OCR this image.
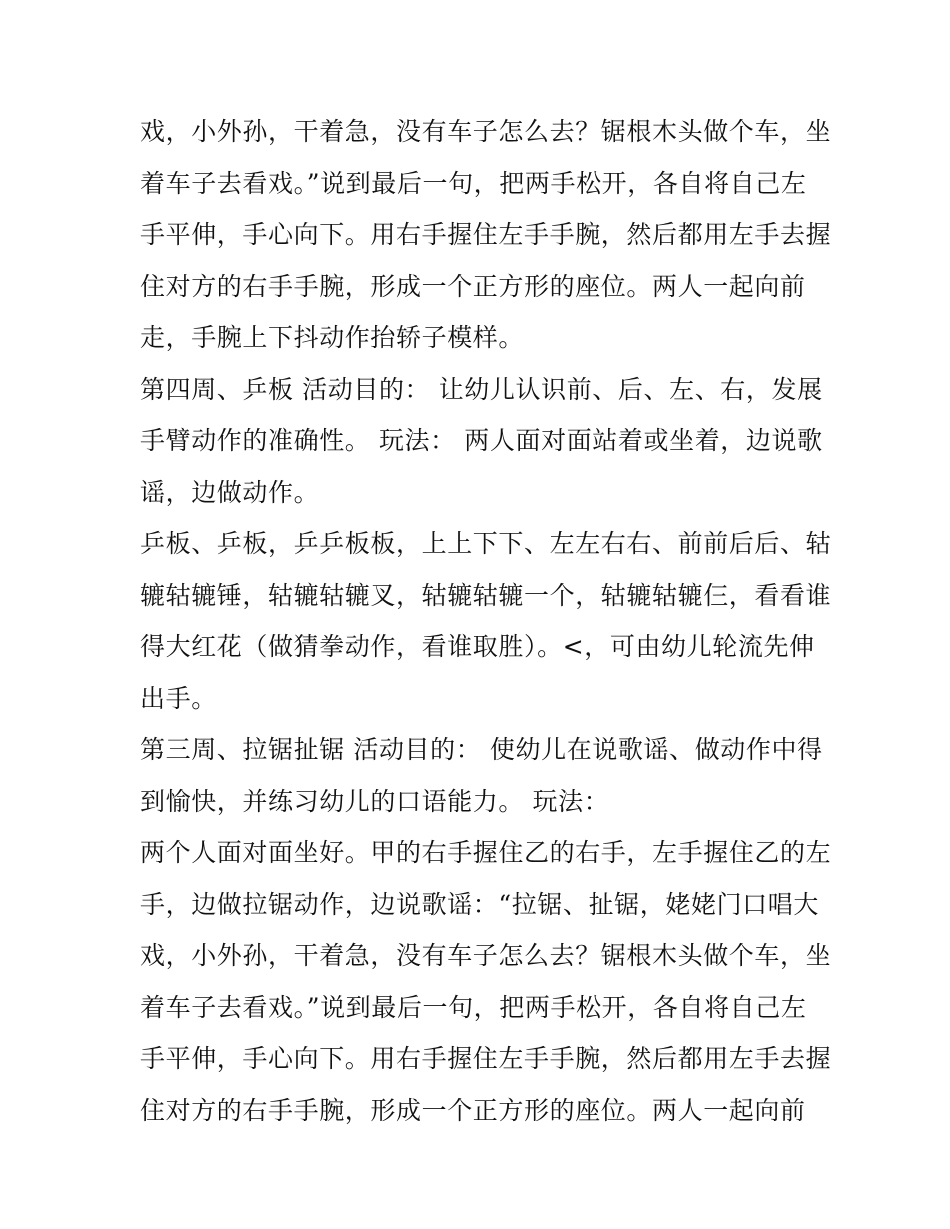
戏，小外孙，干着急，没有车子怎么去？锯根木头做个车，坐
着车子去看戏。”说到最后一句，把两手松开，各自将自己左
手平伸，手心向下。用右手握住左手手腕，然后都用左手去握
住对方的右手手腕，形成一个正方形的座位。两人一起向前
走，手腕上下抖动作抬轿子模样。
第四周、乒板 活动目的： 让幼儿认识前、后、左、右，发展
手臂动作的准确性。 玩法： 两人面对面站着或坐着，边说歌
谣，边做动作。
乒板、乒板，乒乒板板，上上下下、左左右右、前前后后、轱
辘轱辘锤，轱辘轱辘叉，轱辘轱辘一个，轱辘轱辘仨，看看谁
得大红花（做猜拳动作，看谁取胜）。<，可由幼儿轮流先伸
出手。
第三周、拉锯扯锯 活动目的： 使幼儿在说歌谣、做动作中得
到愉快，并练习幼儿的口语能力。 玩法：
两个人面对面坐好。甲的右手握住乙的右手，左手握住乙的左
手，边做拉锯动作，边说歌谣：“拉锯、扯锯，姥姥门口唱大
戏，小外孙，干着急，没有车子怎么去？锯根木头做个车，坐
着车子去看戏。”说到最后一句，把两手松开，各自将自己左
手平伸，手心向下。用右手握住左手手腕，然后都用左手去握
住对方的右手手腕，形成一个正方形的座位。两人一起向前
